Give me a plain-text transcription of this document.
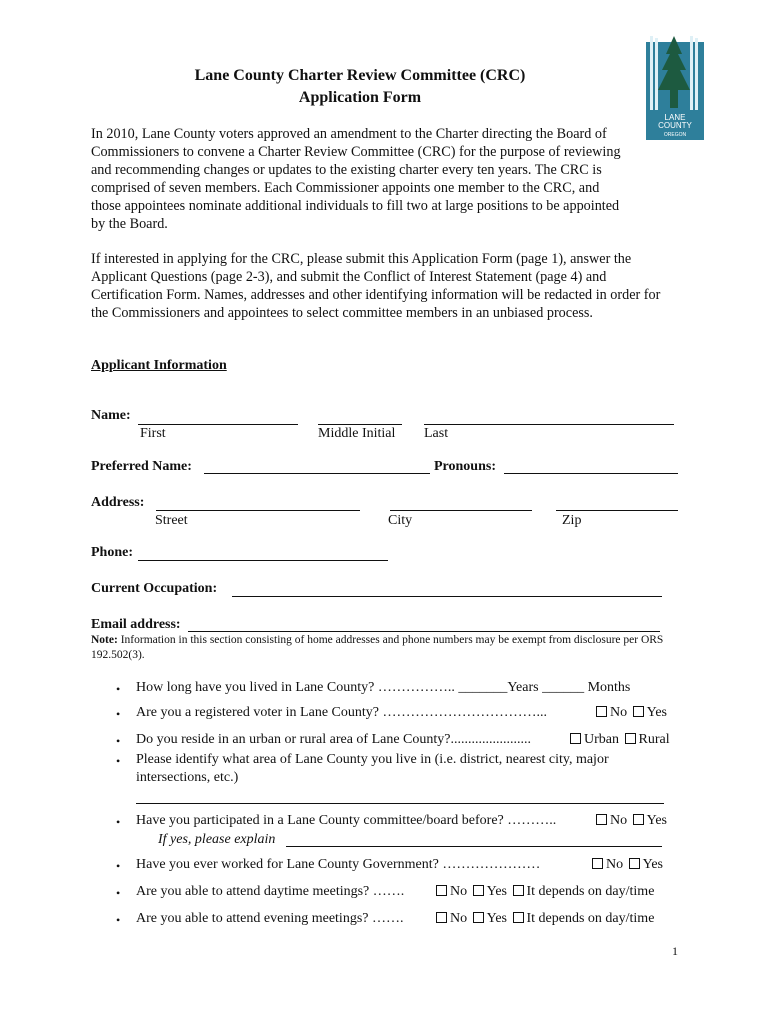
LANE
COUNTY
OREGON
Lane County Charter Review Committee (CRC)
Application Form

In 2010, Lane County voters approved an amendment to the Charter directing the Board of Commissioners to convene a Charter Review Committee (CRC) for the purpose of reviewing and recommending changes or updates to the existing charter every ten years. The CRC is comprised of seven members. Each Commissioner appoints one member to the CRC, and those appointees nominate additional individuals to fill two at large positions to be appointed by the Board.

If interested in applying for the CRC, please submit this Application Form (page 1), answer the Applicant Questions (page 2-3), and submit the Conflict of Interest Statement (page 4) and Certification Form. Names, addresses and other identifying information will be redacted in order for the Commissioners and appointees to select committee members in an unbiased process.

Applicant Information
Name:
First	Middle Initial Last
Preferred Name:	Pronouns:
Address:
Street	City	Zip
Phone:
Current Occupation:
Email address:
Note: Information in this section consisting of home addresses and phone numbers may be exempt from disclosure per ORS 192.502(3).
• How long have you lived in Lane County? …………….. _______Years ______ Months
• Are you a registered voter in Lane County? ……………………………...	No Yes
• Do you reside in an urban or rural area of Lane County?.......................	Urban Rural
• Please identify what area of Lane County you live in (i.e. district, nearest city, major
intersections, etc.)
• Have you participated in a Lane County committee/board before? ………..	No Yes
If yes, please explain
• Have you ever worked for Lane County Government? …………………	No Yes
• Are you able to attend daytime meetings? …….	No Yes It depends on day/time
• Are you able to attend evening meetings? …….	No Yes It depends on day/time
1
